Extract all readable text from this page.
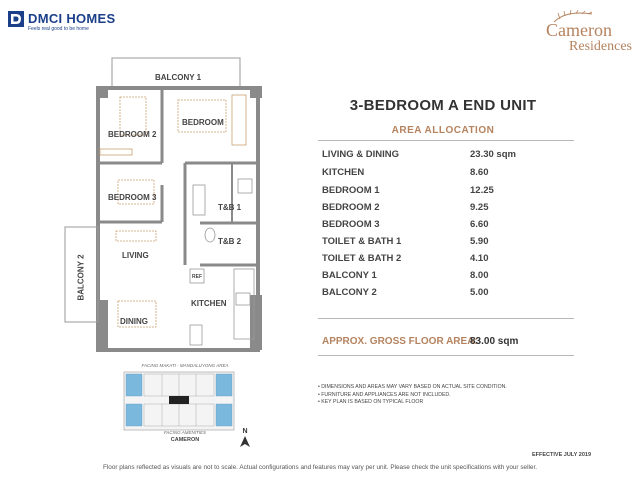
DMCI HOMES
Feels real good to be home	Cameron
Residences
BALCONY 1
BEDROOM
BEDROOM 2
BEDROOM 3
T&B 1
T&B 2
LIVING
DINING
KITCHEN
REF
BALCONY 2
3-BEDROOM A END UNIT
AREA ALLOCATION
LIVING & DINING	23.30 sqm
KITCHEN	8.60
BEDROOM 1	12.25
BEDROOM 2	9.25
BEDROOM 3	6.60
TOILET & BATH 1	5.90
TOILET & BATH 2	4.10
BALCONY 1	8.00
BALCONY 2	5.00
APPROX. GROSS FLOOR AREA:
83.00 sqm
• DIMENSIONS AND AREAS MAY VARY BASED ON ACTUAL SITE CONDITION.
• FURNITURE AND APPLIANCES ARE NOT INCLUDED.
• KEY PLAN IS BASED ON TYPICAL FLOOR
FACING MAKATI - MANDALUYONG AREA
FACING AMENITIES
CAMERON
N
EFFECTIVE JULY 2019
Floor plans reflected as visuals are not to scale. Actual configurations and features may vary per unit. Please check the unit specifications with your seller.
